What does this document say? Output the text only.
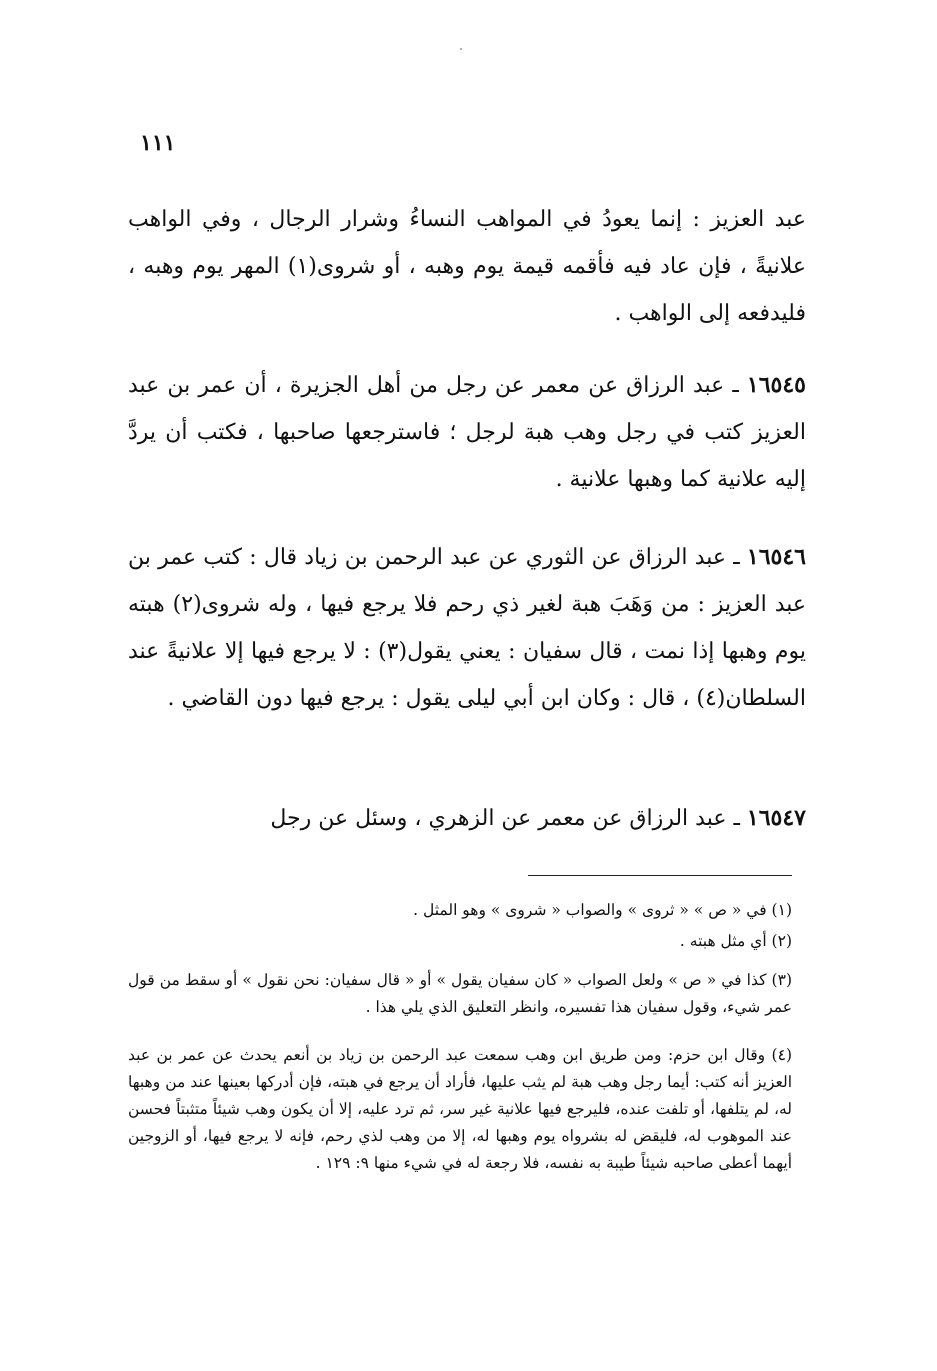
١١١

عبد العزيز : إنما يعودُ في المواهب النساءُ وشرار الرجال ، وفي الواهب علانيةً ، فإن عاد فيه فأقمه قيمة يوم وهبه ، أو شروى(١) المهر يوم وهبه ، فليدفعه إلى الواهب .

١٦٥٤٥ ـ عبد الرزاق عن معمر عن رجل من أهل الجزيرة ، أن عمر بن عبد العزيز كتب في رجل وهب هبة لرجل ؛ فاسترجعها صاحبها ، فكتب أن يردَّ إليه علانية كما وهبها علانية .

١٦٥٤٦ ـ عبد الرزاق عن الثوري عن عبد الرحمن بن زياد قال : كتب عمر بن عبد العزيز : من وَهَبَ هبة لغير ذي رحم فلا يرجع فيها ، وله شروى(٢) هبته يوم وهبها إذا نمت ، قال سفيان : يعني يقول(٣) : لا يرجع فيها إلا علانيةً عند السلطان(٤) ، قال : وكان ابن أبي ليلى يقول : يرجع فيها دون القاضي .

١٦٥٤٧ ـ عبد الرزاق عن معمر عن الزهري ، وسئل عن رجل

(١) في « ص » « ثروى » والصواب « شروى » وهو المثل .
(٢) أي مثل هبته .
(٣) كذا في « ص » ولعل الصواب « كان سفيان يقول » أو « قال سفيان: نحن نقول » أو سقط من قول عمر شيء، وقول سفيان هذا تفسيره، وانظر التعليق الذي يلي هذا .
(٤) وقال ابن حزم: ومن طريق ابن وهب سمعت عبد الرحمن بن زياد بن أنعم يحدث عن عمر بن عبد العزيز أنه كتب: أيما رجل وهب هبة لم يثب عليها، فأراد أن يرجع في هبته، فإن أدركها بعينها عند من وهبها له، لم يتلفها، أو تلفت عنده، فليرجع فيها علانية غير سر، ثم ترد عليه، إلا أن يكون وهب شيئاً متثبتاً فحسن عند الموهوب له، فليقض له بشرواه يوم وهبها له، إلا من وهب لذي رحم، فإنه لا يرجع فيها، أو الزوجين أيهما أعطى صاحبه شيئاً طيبة به نفسه، فلا رجعة له في شيء منها ٩: ١٢٩ .
